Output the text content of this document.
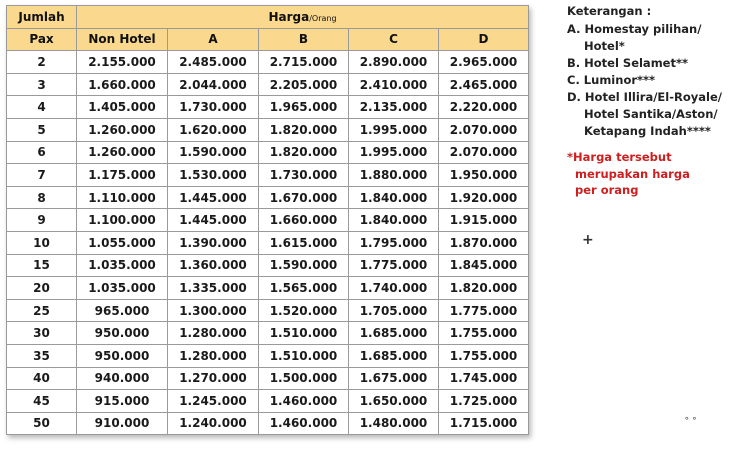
Jumlah	Harga/Orang				
Pax	Non Hotel	A	B	C	D
2	2.155.000	2.485.000	2.715.000	2.890.000	2.965.000
3	1.660.000	2.044.000	2.205.000	2.410.000	2.465.000
4	1.405.000	1.730.000	1.965.000	2.135.000	2.220.000
5	1.260.000	1.620.000	1.820.000	1.995.000	2.070.000
6	1.260.000	1.590.000	1.820.000	1.995.000	2.070.000
7	1.175.000	1.530.000	1.730.000	1.880.000	1.950.000
8	1.110.000	1.445.000	1.670.000	1.840.000	1.920.000
9	1.100.000	1.445.000	1.660.000	1.840.000	1.915.000
10	1.055.000	1.390.000	1.615.000	1.795.000	1.870.000
15	1.035.000	1.360.000	1.590.000	1.775.000	1.845.000
20	1.035.000	1.335.000	1.565.000	1.740.000	1.820.000
25	965.000	1.300.000	1.520.000	1.705.000	1.775.000
30	950.000	1.280.000	1.510.000	1.685.000	1.755.000
35	950.000	1.280.000	1.510.000	1.685.000	1.755.000
40	940.000	1.270.000	1.500.000	1.675.000	1.745.000
45	915.000	1.245.000	1.460.000	1.650.000	1.725.000
50	910.000	1.240.000	1.460.000	1.480.000	1.715.000
Keterangan :
A. Homestay pilihan/
Hotel*
B. Hotel Selamet**
C. Luminor***
D. Hotel Illira/El-Royale/
Hotel Santika/Aston/
Ketapang Indah****
*Harga tersebut
merupakan harga
per orang
+
∘∘
